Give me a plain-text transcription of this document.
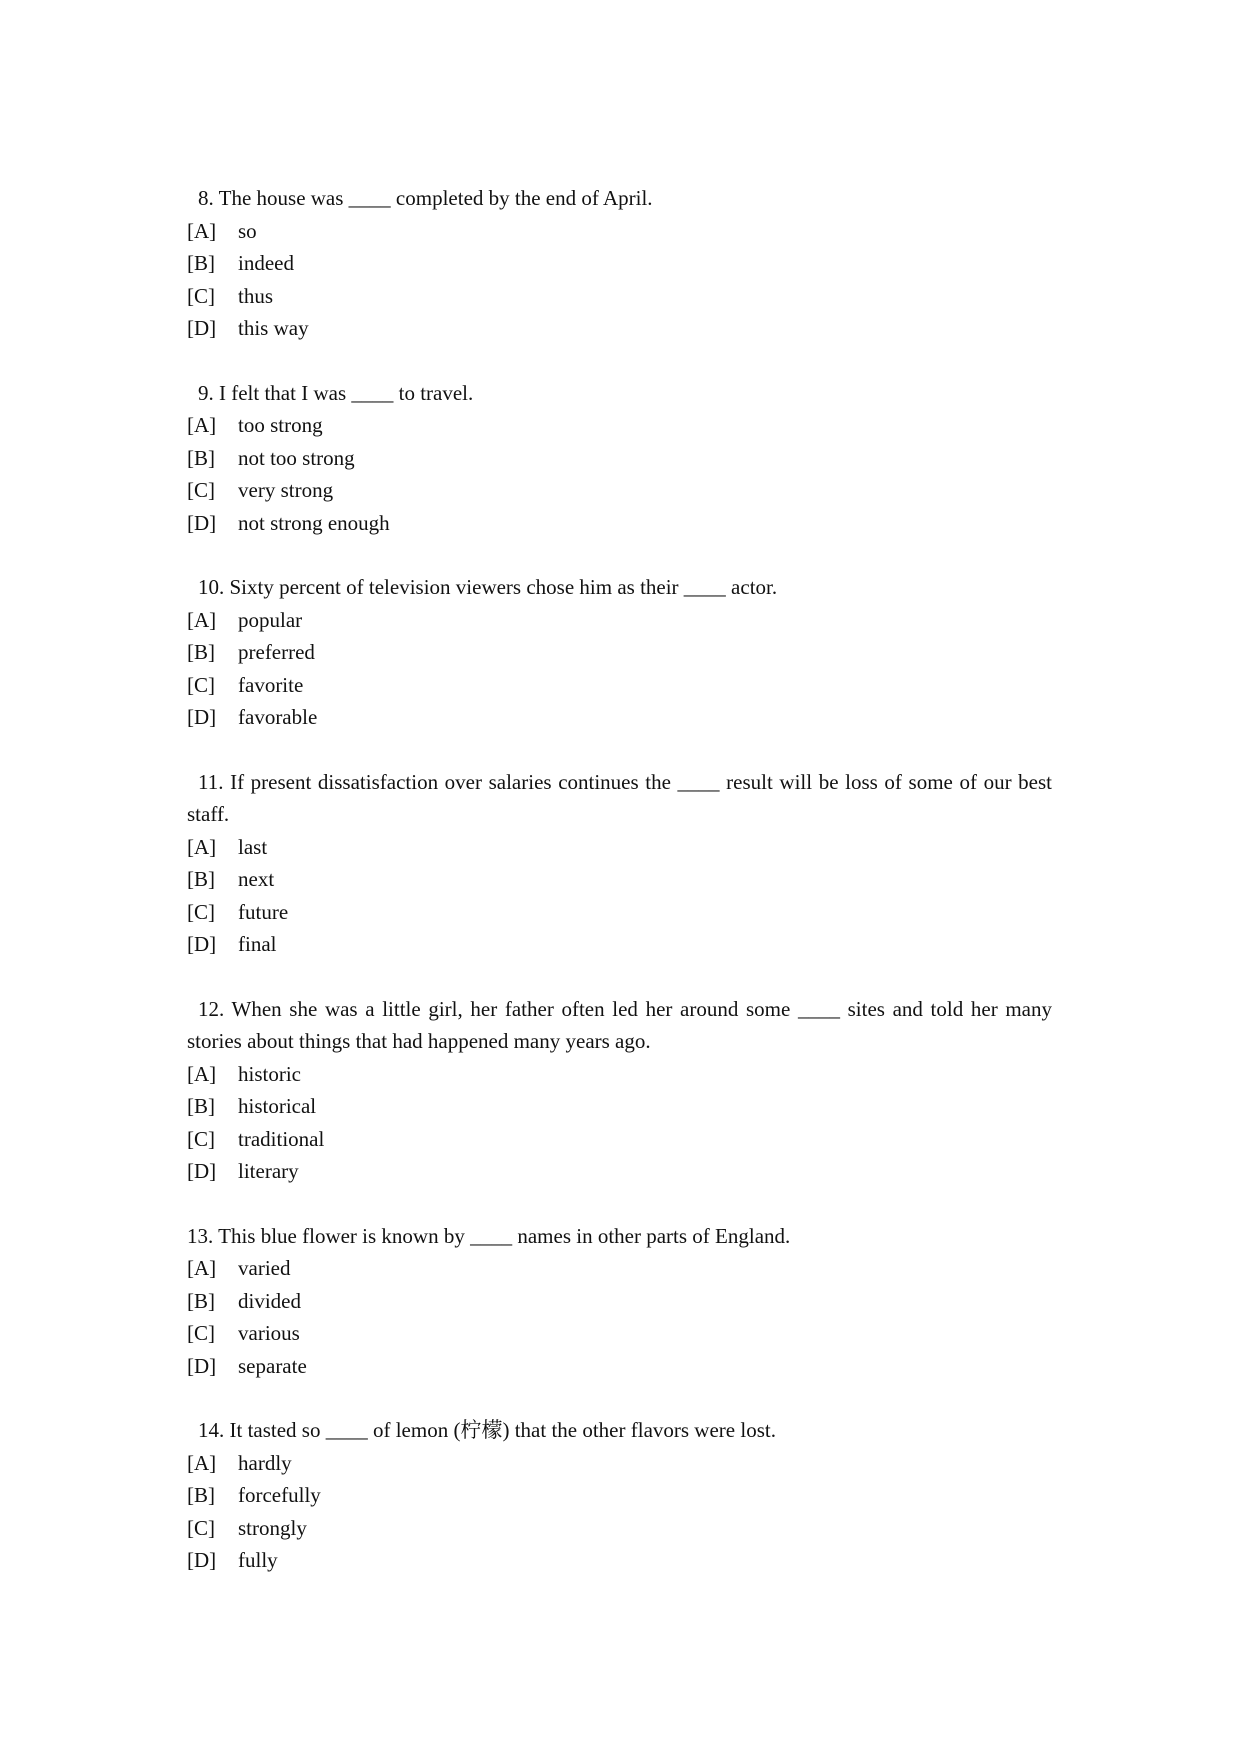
8. The house was ____ completed by the end of April.

[A]	so
[B]	indeed
[C]	thus
[D]	this way

9. I felt that I was ____ to travel.

[A]	too strong
[B]	not too strong
[C]	very strong
[D]	not strong enough

10. Sixty percent of television viewers chose him as their ____ actor.

[A]	popular
[B]	preferred
[C]	favorite
[D]	favorable

11. If present dissatisfaction over salaries continues the ____ result will be loss of some of our best staff.

[A]	last
[B]	next
[C]	future
[D]	final

12. When she was a little girl, her father often led her around some ____ sites and told her many stories about things that had happened many years ago.

[A]	historic
[B]	historical
[C]	traditional
[D]	literary

13. This blue flower is known by ____ names in other parts of England.

[A]	varied
[B]	divided
[C]	various
[D]	separate

14. It tasted so ____ of lemon (柠檬) that the other flavors were lost.

[A]	hardly
[B]	forcefully
[C]	strongly
[D]	fully
